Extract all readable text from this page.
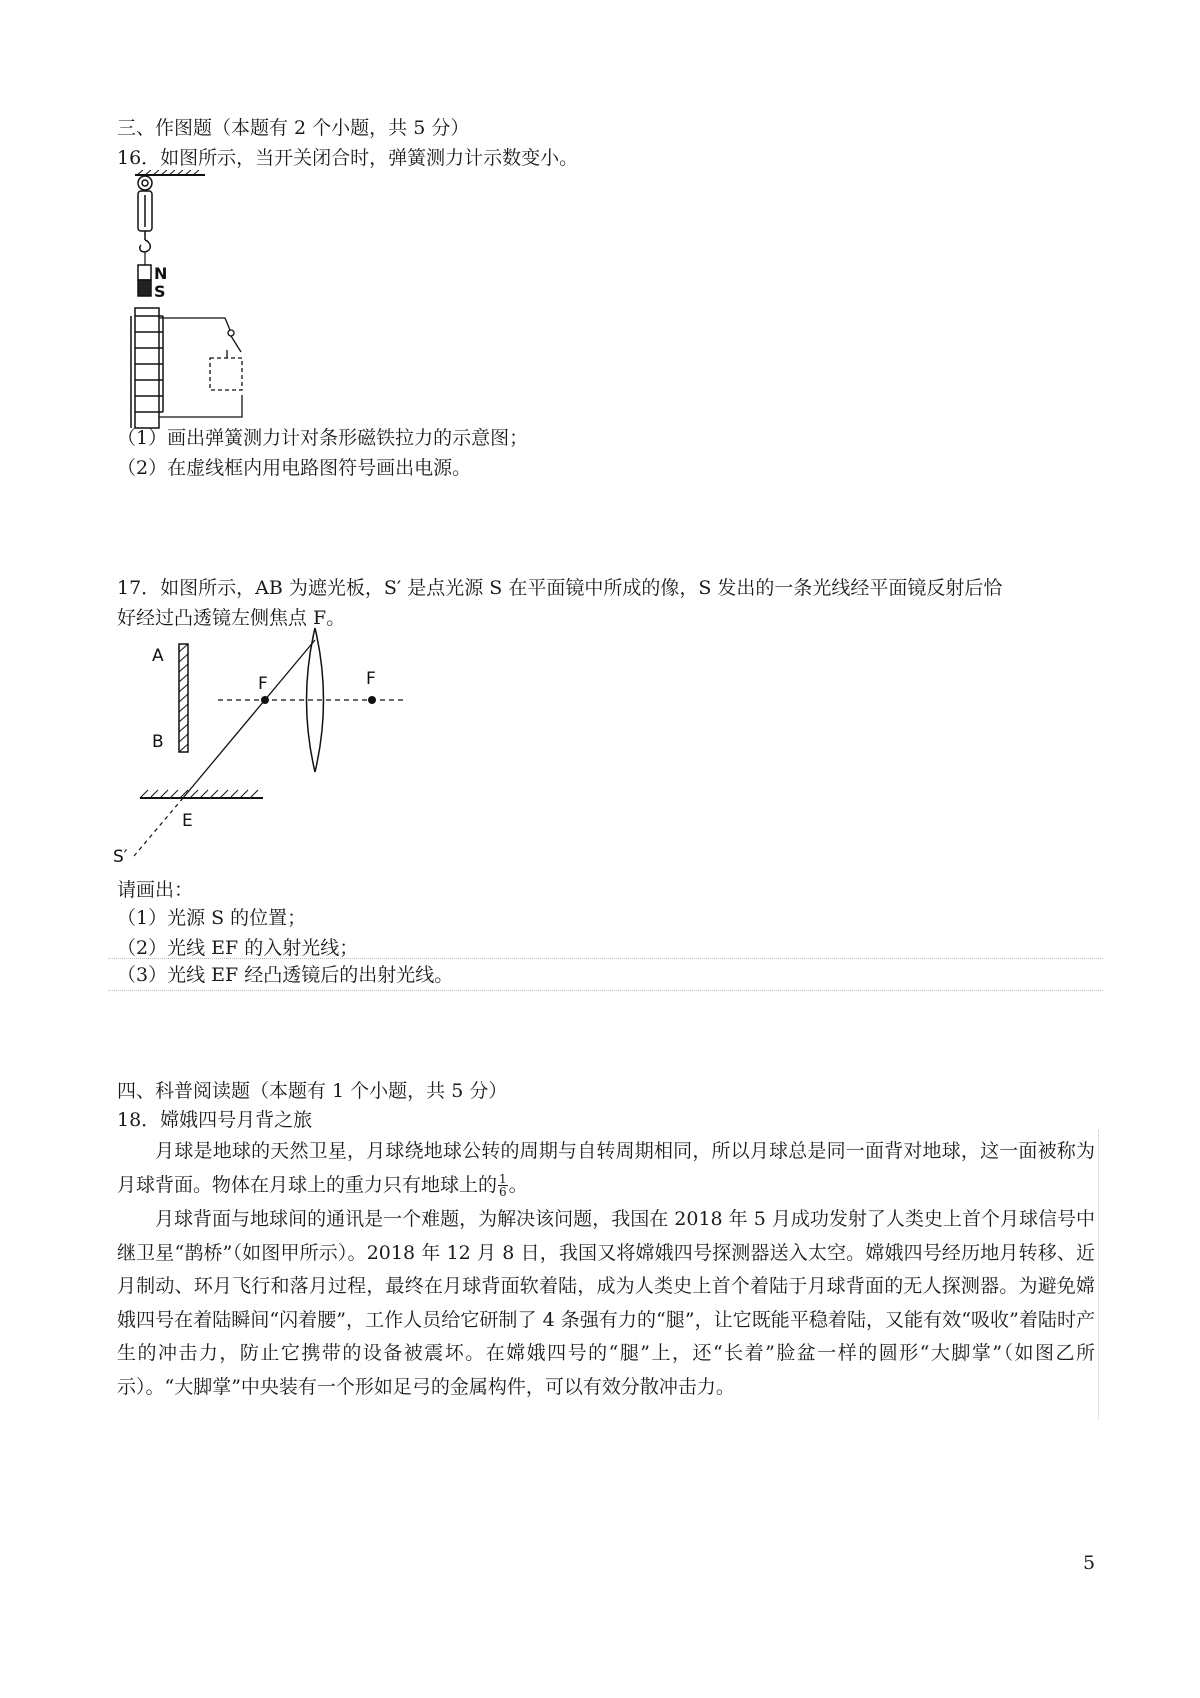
三、作图题（本题有 2 个小题，共 5 分）
16．如图所示，当开关闭合时，弹簧测力计示数变小。
N
S
（1）画出弹簧测力计对条形磁铁拉力的示意图；
（2）在虚线框内用电路图符号画出电源。
17．如图所示，AB 为遮光板，S′ 是点光源 S 在平面镜中所成的像，S 发出的一条光线经平面镜反射后恰
好经过凸透镜左侧焦点 F。
A
B
F	F
E
S′
请画出：
（1）光源 S 的位置；
（2）光线 EF 的入射光线；
（3）光线 EF 经凸透镜后的出射光线。
四、科普阅读题（本题有 1 个小题，共 5 分）
18．嫦娥四号月背之旅
月球是地球的天然卫星，月球绕地球公转的周期与自转周期相同，所以月球总是同一面背对地球，这一面被称为月球背面。物体在月球上的重力只有地球上的 $\frac{1}{6}$ 。
月球背面与地球间的通讯是一个难题，为解决该问题，我国在 2018 年 5 月成功发射了人类史上首个月球信号中继卫星“鹊桥”（如图甲所示）。2018 年 12 月 8 日，我国又将嫦娥四号探测器送入太空。嫦娥四号经历地月转移、近月制动、环月飞行和落月过程，最终在月球背面软着陆，成为人类史上首个着陆于月球背面的无人探测器。为避免嫦娥四号在着陆瞬间“闪着腰”，工作人员给它研制了 4 条强有力的“腿”，让它既能平稳着陆，又能有效“吸收”着陆时产生的冲击力，防止它携带的设备被震坏。在嫦娥四号的“腿”上，还“长着”脸盆一样的圆形“大脚掌”（如图乙所示）。“大脚掌”中央装有一个形如足弓的金属构件，可以有效分散冲击力。
5
